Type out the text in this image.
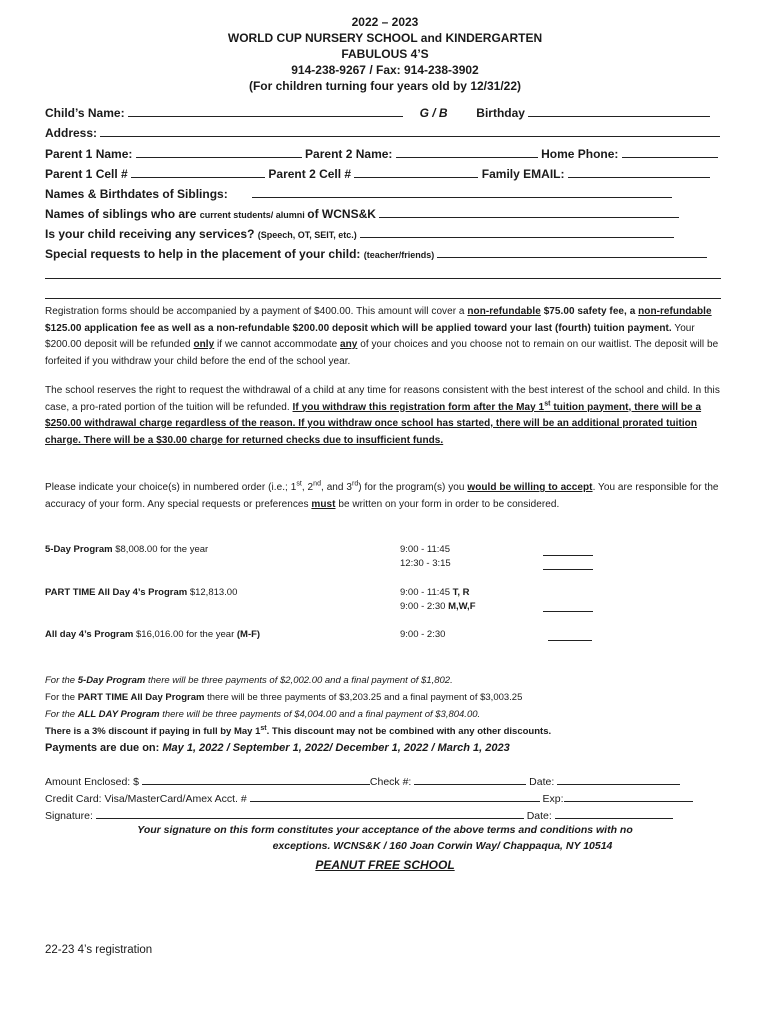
2022 – 2023
WORLD CUP NURSERY SCHOOL and KINDERGARTEN
FABULOUS 4’S
914-238-9267 / Fax: 914-238-3902
(For children turning four years old by 12/31/22)
Child’s Name:	G / B Birthday
Address:
Parent 1 Name:	Parent 2 Name:	Home Phone:
Parent 1 Cell #	Parent 2 Cell #	Family EMAIL:
Names & Birthdates of Siblings:
Names of siblings who are current students/ alumni of WCNS&K
Is your child receiving any services? (Speech, OT, SEIT, etc.)
Special requests to help in the placement of your child: (teacher/friends)
Registration forms should be accompanied by a payment of $400.00. This amount will cover a non-refundable $75.00 safety fee, a non-refundable $125.00 application fee as well as a non-refundable $200.00 deposit which will be applied toward your last (fourth) tuition payment. Your $200.00 deposit will be refunded only if we cannot accommodate any of your choices and you choose not to remain on our waitlist. The deposit will be forfeited if you withdraw your child before the end of the school year.
The school reserves the right to request the withdrawal of a child at any time for reasons consistent with the best interest of the school and child. In this case, a pro-rated portion of the tuition will be refunded. If you withdraw this registration form after the May 1st tuition payment, there will be a $250.00 withdrawal charge regardless of the reason. If you withdraw once school has started, there will be an additional prorated tuition charge. There will be a $30.00 charge for returned checks due to insufficient funds.
Please indicate your choice(s) in numbered order (i.e.; 1st, 2nd, and 3rd) for the program(s) you would be willing to accept. You are responsible for the accuracy of your form. Any special requests or preferences must be written on your form in order to be considered.
5-Day Program $8,008.00 for the year	9:00 - 11:45
12:30 - 3:15
PART TIME All Day 4’s Program $12,813.00	9:00 - 11:45 T, R
9:00 - 2:30 M,W,F
All day 4’s Program $16,016.00 for the year (M-F)	9:00 - 2:30
For the 5-Day Program there will be three payments of $2,002.00 and a final payment of $1,802.
For the PART TIME All Day Program there will be three payments of $3,203.25 and a final payment of $3,003.25
For the ALL DAY Program there will be three payments of $4,004.00 and a final payment of $3,804.00.
There is a 3% discount if paying in full by May 1st. This discount may not be combined with any other discounts.
Payments are due on: May 1, 2022 / September 1, 2022/ December 1, 2022 / March 1, 2023
Amount Enclosed: $	Check #:	Date:
Credit Card: Visa/MasterCard/Amex Acct. #	Exp:
Signature:	Date:
Your signature on this form constitutes your acceptance of the above terms and conditions with no
exceptions. WCNS&K / 160 Joan Corwin Way/ Chappaqua, NY 10514
PEANUT FREE SCHOOL
22-23 4’s registration
